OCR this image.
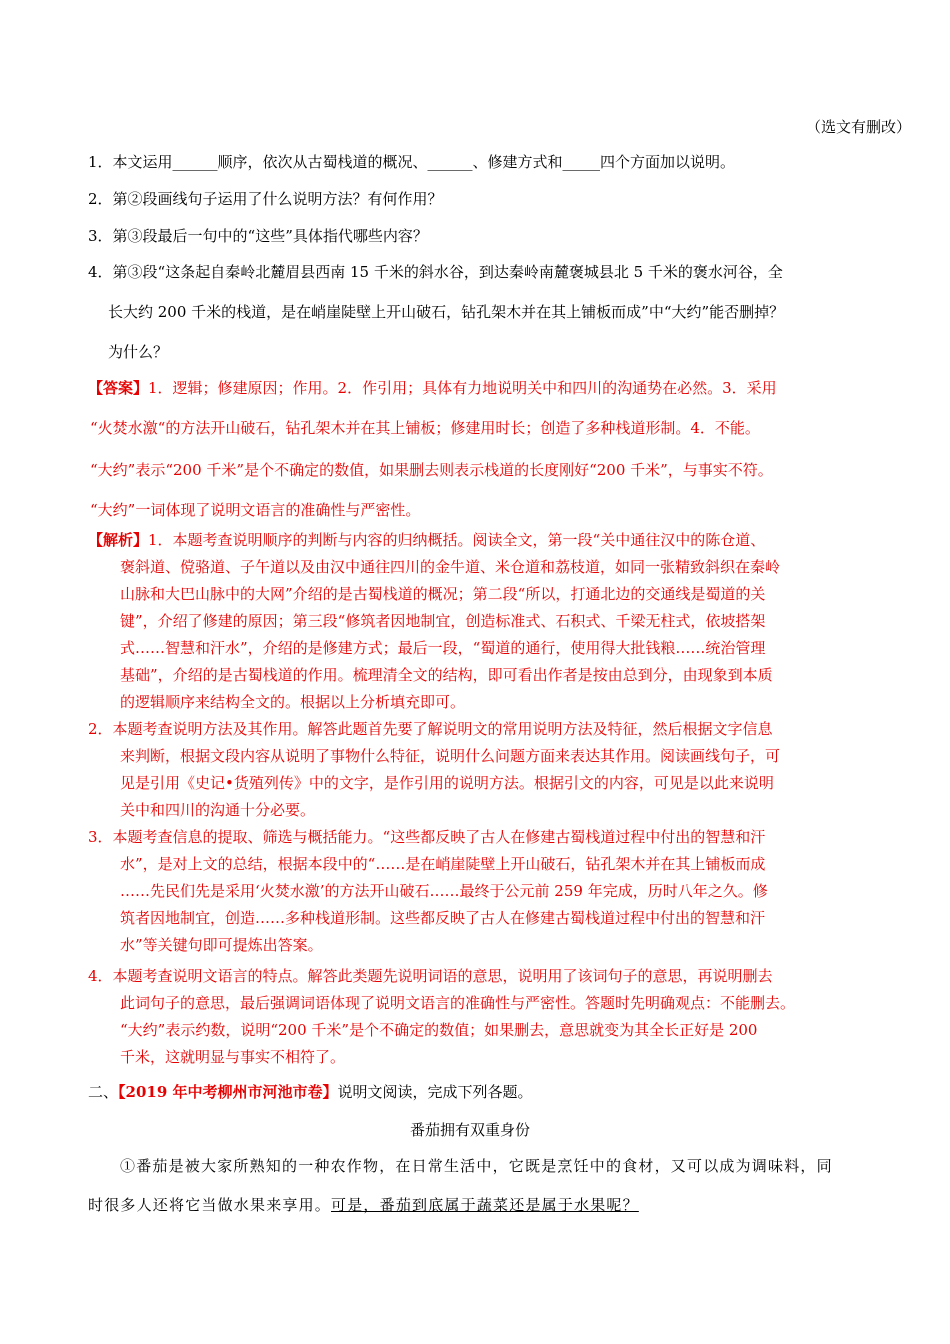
（选文有删改）
1．本文运用______顺序，依次从古蜀栈道的概况、______、修建方式和_____四个方面加以说明。
2．第②段画线句子运用了什么说明方法？有何作用？
3．第③段最后一句中的“这些”具体指代哪些内容？
4．第③段“这条起自秦岭北麓眉县西南 15 千米的斜水谷，到达秦岭南麓褒城县北 5 千米的褒水河谷，全
长大约 200 千米的栈道，是在峭崖陡壁上开山破石，钻孔架木并在其上铺板而成”中“大约”能否删掉？
为什么？
【答案】1．逻辑；修建原因；作用。2．作引用；具体有力地说明关中和四川的沟通势在必然。3．采用
“火焚水激“的方法开山破石，钻孔架木并在其上铺板；修建用时长；创造了多种栈道形制。4．不能。
“大约”表示“200 千米”是个不确定的数值，如果删去则表示栈道的长度刚好“200 千米”，与事实不符。
“大约”一词体现了说明文语言的准确性与严密性。
【解析】1．本题考查说明顺序的判断与内容的归纳概括。阅读全文，第一段“关中通往汉中的陈仓道、
褒斜道、傥骆道、子午道以及由汉中通往四川的金牛道、米仓道和荔枝道，如同一张精致斜织在秦岭
山脉和大巴山脉中的大网”介绍的是古蜀栈道的概况；第二段“所以，打通北边的交通线是蜀道的关
键”，介绍了修建的原因；第三段“修筑者因地制宜，创造标准式、石积式、千梁无柱式，依坡搭架
式……智慧和汗水”，介绍的是修建方式；最后一段，“蜀道的通行，使用得大批钱粮……统治管理
基础”，介绍的是古蜀栈道的作用。梳理清全文的结构，即可看出作者是按由总到分，由现象到本质
的逻辑顺序来结构全文的。根据以上分析填充即可。
2．本题考查说明方法及其作用。解答此题首先要了解说明文的常用说明方法及特征，然后根据文字信息
来判断，根据文段内容从说明了事物什么特征，说明什么问题方面来表达其作用。阅读画线句子，可
见是引用《史记•货殖列传》中的文字，是作引用的说明方法。根据引文的内容，可见是以此来说明
关中和四川的沟通十分必要。
3．本题考查信息的提取、筛选与概括能力。“这些都反映了古人在修建古蜀栈道过程中付出的智慧和汗
水”，是对上文的总结，根据本段中的“……是在峭崖陡壁上开山破石，钻孔架木并在其上铺板而成
……先民们先是采用‘火焚水激’的方法开山破石……最终于公元前 259 年完成，历时八年之久。修
筑者因地制宜，创造……多种栈道形制。这些都反映了古人在修建古蜀栈道过程中付出的智慧和汗
水”等关键句即可提炼出答案。
4．本题考查说明文语言的特点。解答此类题先说明词语的意思，说明用了该词句子的意思，再说明删去
此词句子的意思，最后强调词语体现了说明文语言的准确性与严密性。答题时先明确观点：不能删去。
“大约”表示约数，说明“200 千米”是个不确定的数值；如果删去，意思就变为其全长正好是 200
千米，这就明显与事实不相符了。
二、【2019 年中考柳州市河池市卷】说明文阅读，完成下列各题。
番茄拥有双重身份
①番茄是被大家所熟知的一种农作物，在日常生活中，它既是烹饪中的食材，又可以成为调味料，同
时很多人还将它当做水果来享用。可是，番茄到底属于蔬菜还是属于水果呢？
